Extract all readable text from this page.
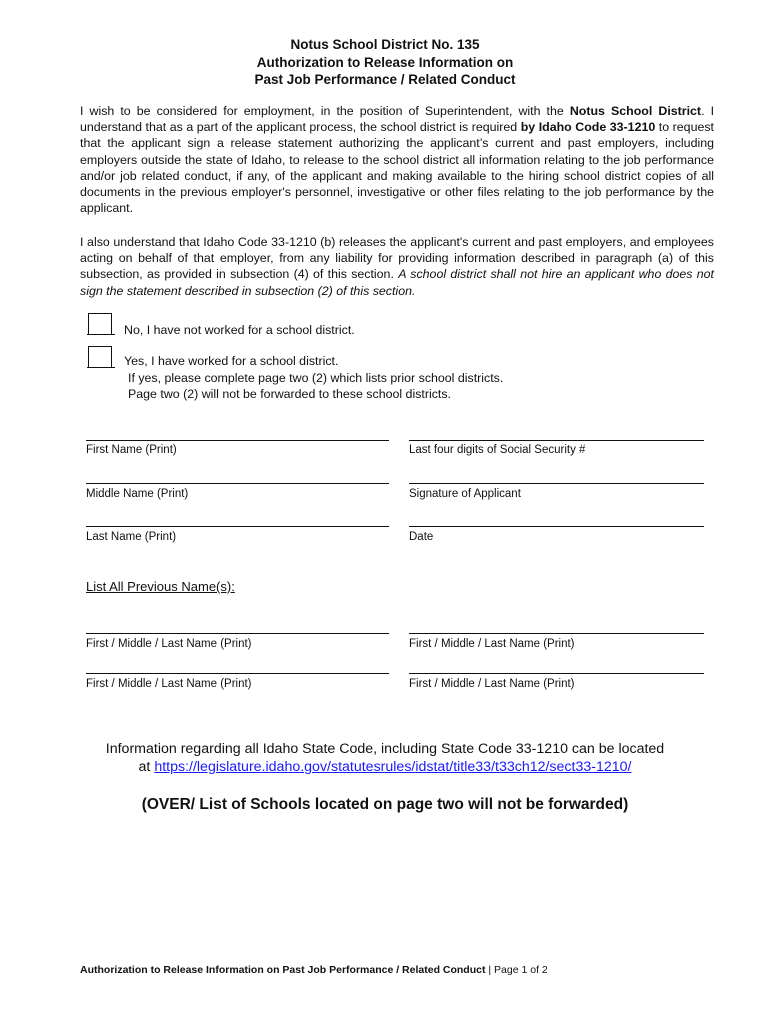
Notus School District No. 135
Authorization to Release Information on
Past Job Performance / Related Conduct
I wish to be considered for employment, in the position of Superintendent, with the Notus School District. I understand that as a part of the applicant process, the school district is required by Idaho Code 33-1210 to request that the applicant sign a release statement authorizing the applicant’s current and past employers, including employers outside the state of Idaho, to release to the school district all information relating to the job performance and/or job related conduct, if any, of the applicant and making available to the hiring school district copies of all documents in the previous employer's personnel, investigative or other files relating to the job performance by the applicant.
I also understand that Idaho Code 33-1210 (b) releases the applicant's current and past employers, and employees acting on behalf of that employer, from any liability for providing information described in paragraph (a) of this subsection, as provided in subsection (4) of this section. A school district shall not hire an applicant who does not sign the statement described in subsection (2) of this section.
No, I have not worked for a school district.
Yes, I have worked for a school district.
If yes, please complete page two (2) which lists prior school districts.
Page two (2) will not be forwarded to these school districts.
First Name (Print)	Last four digits of Social Security #
Middle Name (Print)	Signature of Applicant
Last Name (Print)	Date
List All Previous Name(s):
First / Middle / Last Name (Print)	First / Middle / Last Name (Print)
First / Middle / Last Name (Print)	First / Middle / Last Name (Print)
Information regarding all Idaho State Code, including State Code 33-1210 can be located
at https://legislature.idaho.gov/statutesrules/idstat/title33/t33ch12/sect33-1210/
(OVER/ List of Schools located on page two will not be forwarded)
Authorization to Release Information on Past Job Performance / Related Conduct | Page 1 of 2
